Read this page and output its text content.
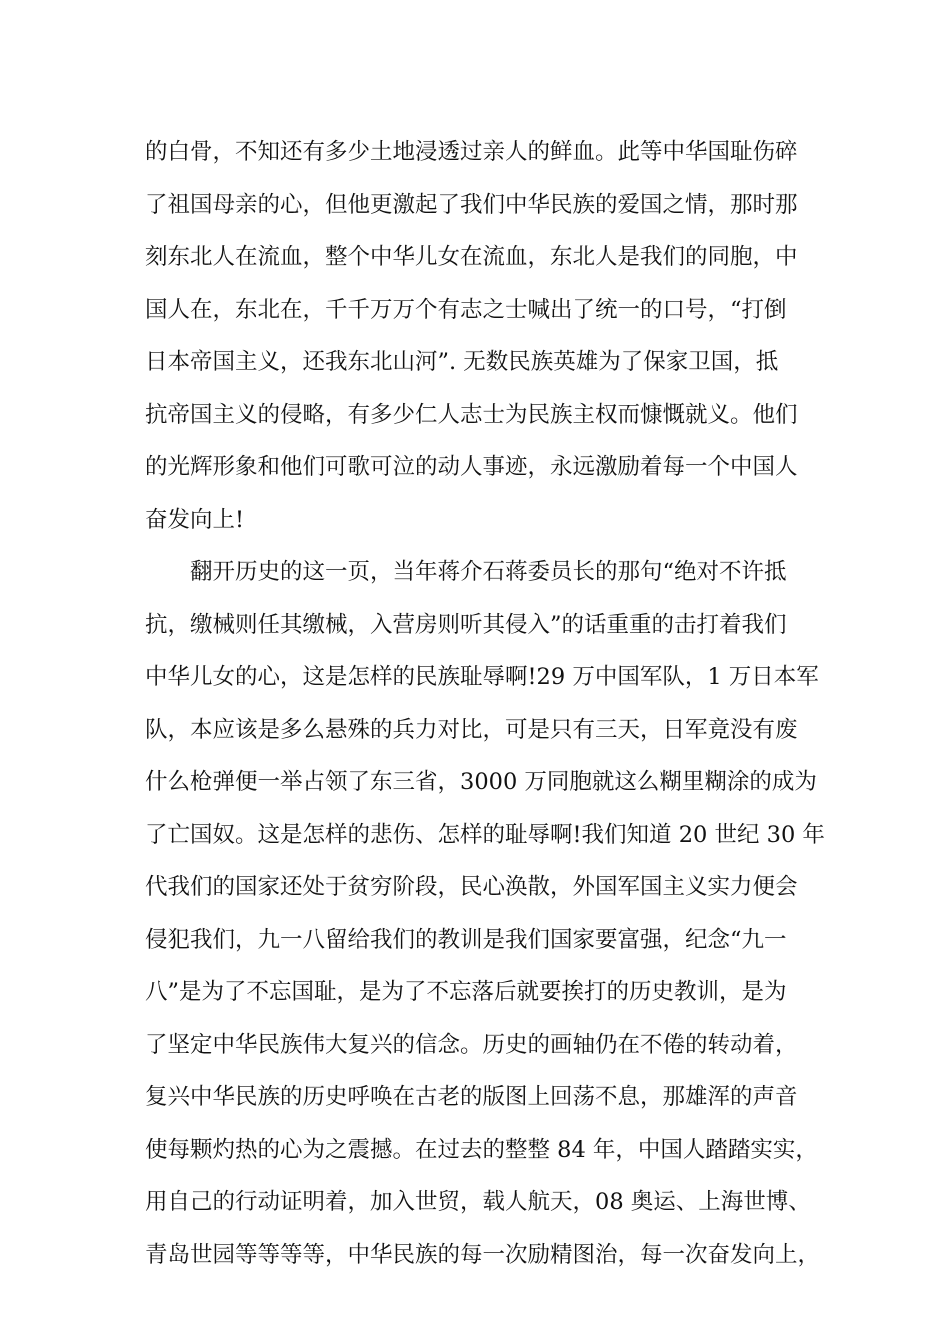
的白骨，不知还有多少土地浸透过亲人的鲜血。此等中华国耻伤碎
了祖国母亲的心，但他更激起了我们中华民族的爱国之情，那时那
刻东北人在流血，整个中华儿女在流血，东北人是我们的同胞，中
国人在，东北在，千千万万个有志之士喊出了统一的口号，“打倒
日本帝国主义，还我东北山河”. 无数民族英雄为了保家卫国，抵
抗帝国主义的侵略，有多少仁人志士为民族主权而慷慨就义。他们
的光辉形象和他们可歌可泣的动人事迹，永远激励着每一个中国人
奋发向上!
翻开历史的这一页，当年蒋介石蒋委员长的那句“绝对不许抵
抗，缴械则任其缴械，入营房则听其侵入”的话重重的击打着我们
中华儿女的心，这是怎样的民族耻辱啊!29 万中国军队，1 万日本军
队，本应该是多么悬殊的兵力对比，可是只有三天，日军竟没有废
什么枪弹便一举占领了东三省，3000 万同胞就这么糊里糊涂的成为
了亡国奴。这是怎样的悲伤、怎样的耻辱啊!我们知道 20 世纪 30 年
代我们的国家还处于贫穷阶段，民心涣散，外国军国主义实力便会
侵犯我们，九一八留给我们的教训是我们国家要富强，纪念“九一
八”是为了不忘国耻，是为了不忘落后就要挨打的历史教训，是为
了坚定中华民族伟大复兴的信念。历史的画轴仍在不倦的转动着，
复兴中华民族的历史呼唤在古老的版图上回荡不息，那雄浑的声音
使每颗灼热的心为之震撼。在过去的整整 84 年，中国人踏踏实实，
用自己的行动证明着，加入世贸，载人航天，08 奥运、上海世博、
青岛世园等等等等，中华民族的每一次励精图治，每一次奋发向上，
